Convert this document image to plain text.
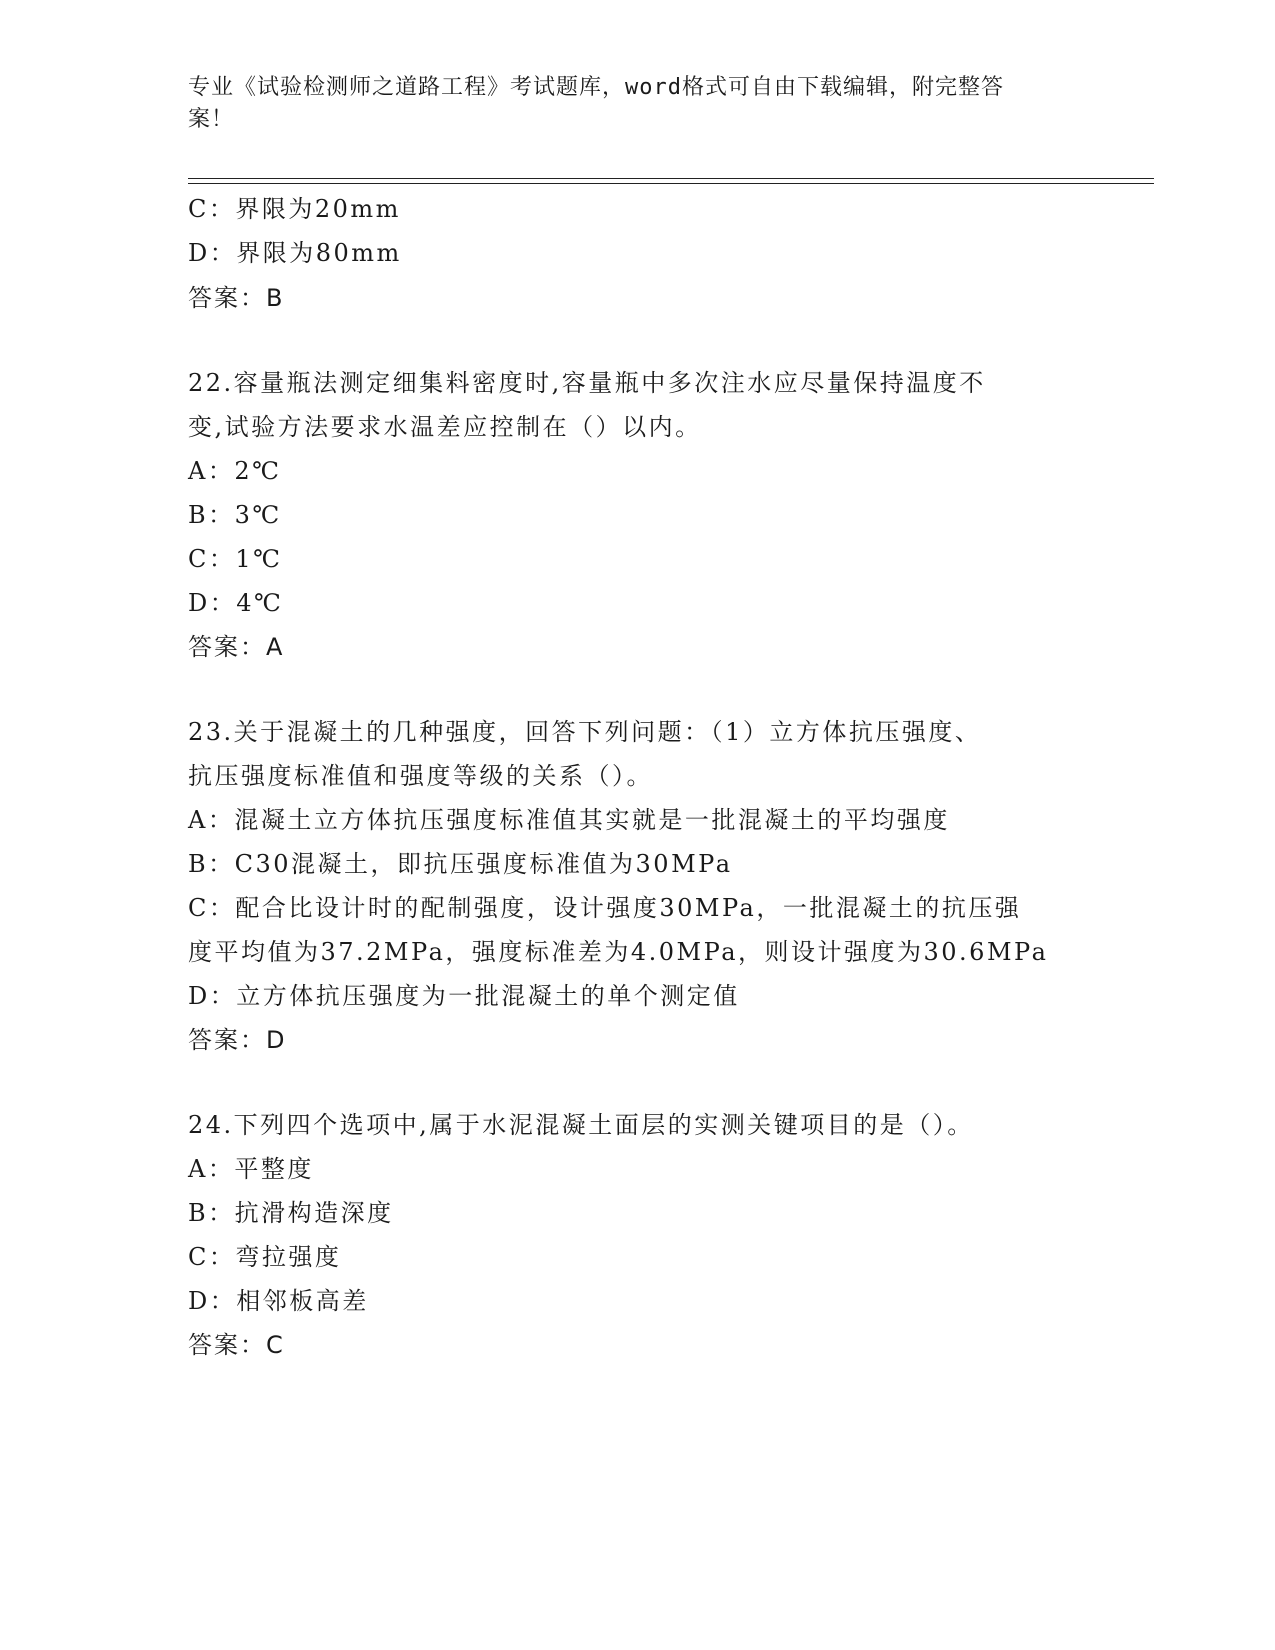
专业《试验检测师之道路工程》考试题库，word格式可自由下载编辑，附完整答
案！
C：界限为20mm
D：界限为80mm
答案：B
22.容量瓶法测定细集料密度时,容量瓶中多次注水应尽量保持温度不
变,试验方法要求水温差应控制在（）以内。
A：2℃
B：3℃
C：1℃
D：4℃
答案：A
23.关于混凝土的几种强度，回答下列问题：（1）立方体抗压强度、
抗压强度标准值和强度等级的关系（）。
A：混凝土立方体抗压强度标准值其实就是一批混凝土的平均强度
B：C30混凝土，即抗压强度标准值为30MPa
C：配合比设计时的配制强度，设计强度30MPa，一批混凝土的抗压强
度平均值为37.2MPa，强度标准差为4.0MPa，则设计强度为30.6MPa
D：立方体抗压强度为一批混凝土的单个测定值
答案：D
24.下列四个选项中,属于水泥混凝土面层的实测关键项目的是（）。
A：平整度
B：抗滑构造深度
C：弯拉强度
D：相邻板高差
答案：C
